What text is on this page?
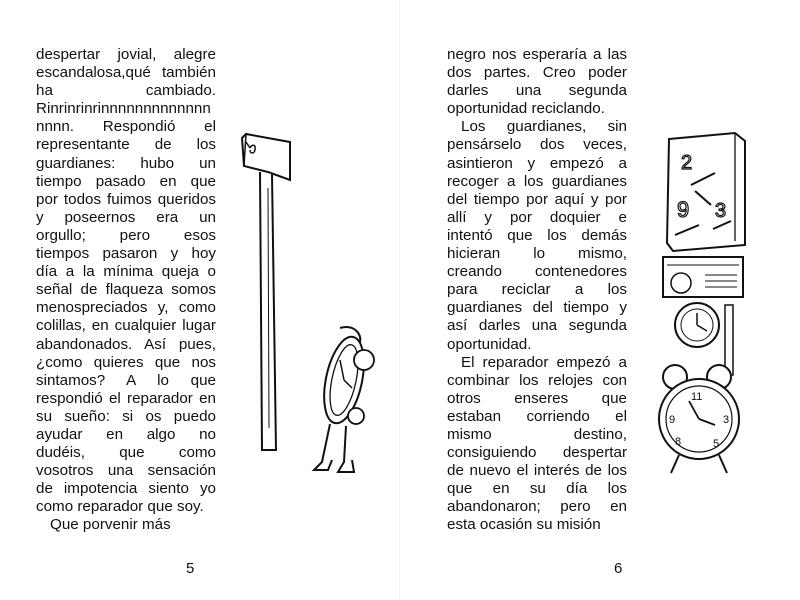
despertar jovial, alegre
escandalosa,qué también
ha cambiado.
Rinrinrinrinnnnnnnnnnnnn
nnnn. Respondió el
representante de los
guardianes: hubo un
tiempo pasado en que
por todos fuimos queridos
y poseernos era un
orgullo; pero esos
tiempos pasaron y hoy
día a la mínima queja o
señal de flaqueza somos
menospreciados y, como
colillas, en cualquier lugar
abandonados. Así pues,
¿como quieres que nos
sintamos? A lo que
respondió el reparador en
su sueño: si os puedo
ayudar en algo no
dudéis, que como
vosotros una sensación
de impotencia siento yo
como reparador que soy.
Que porvenir más
5
negro nos esperaría a las
dos partes. Creo poder
darles una segunda
oportunidad reciclando.
Los guardianes, sin
pensárselo dos veces,
asintieron y empezó a
recoger a los guardianes
del tiempo por aquí y por
allí y por doquier e
intentó que los demás
hicieran lo mismo,
creando contenedores
para reciclar a los
guardianes del tiempo y
así darles una segunda
oportunidad.
El reparador empezó a
combinar los relojes con
otros enseres que
estaban corriendo el
mismo destino,
consiguiendo despertar
de nuevo el interés de los
que en su día los
abandonaron; pero en
esta ocasión su misión
2
9 3
11
9	3
8	5
6
